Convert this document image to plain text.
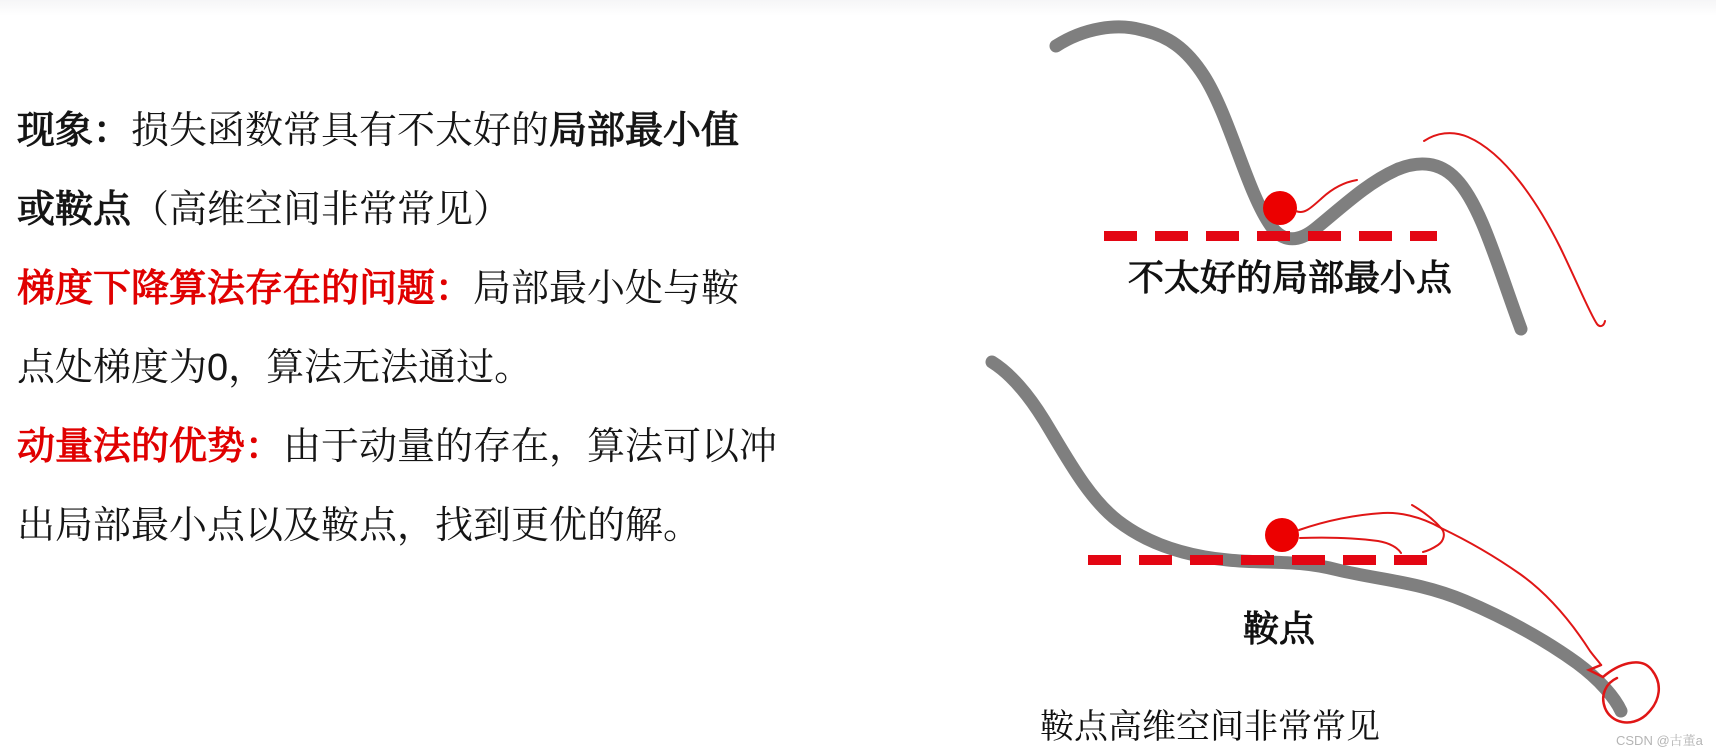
现象：损失函数常具有不太好的局部最小值
或鞍点（高维空间非常常见）
梯度下降算法存在的问题：局部最小处与鞍
点处梯度为0，算法无法通过。
动量法的优势：由于动量的存在，算法可以冲
出局部最小点以及鞍点，找到更优的解。
不太好的局部最小点
鞍点
鞍点高维空间非常常见	CSDN @古董a
